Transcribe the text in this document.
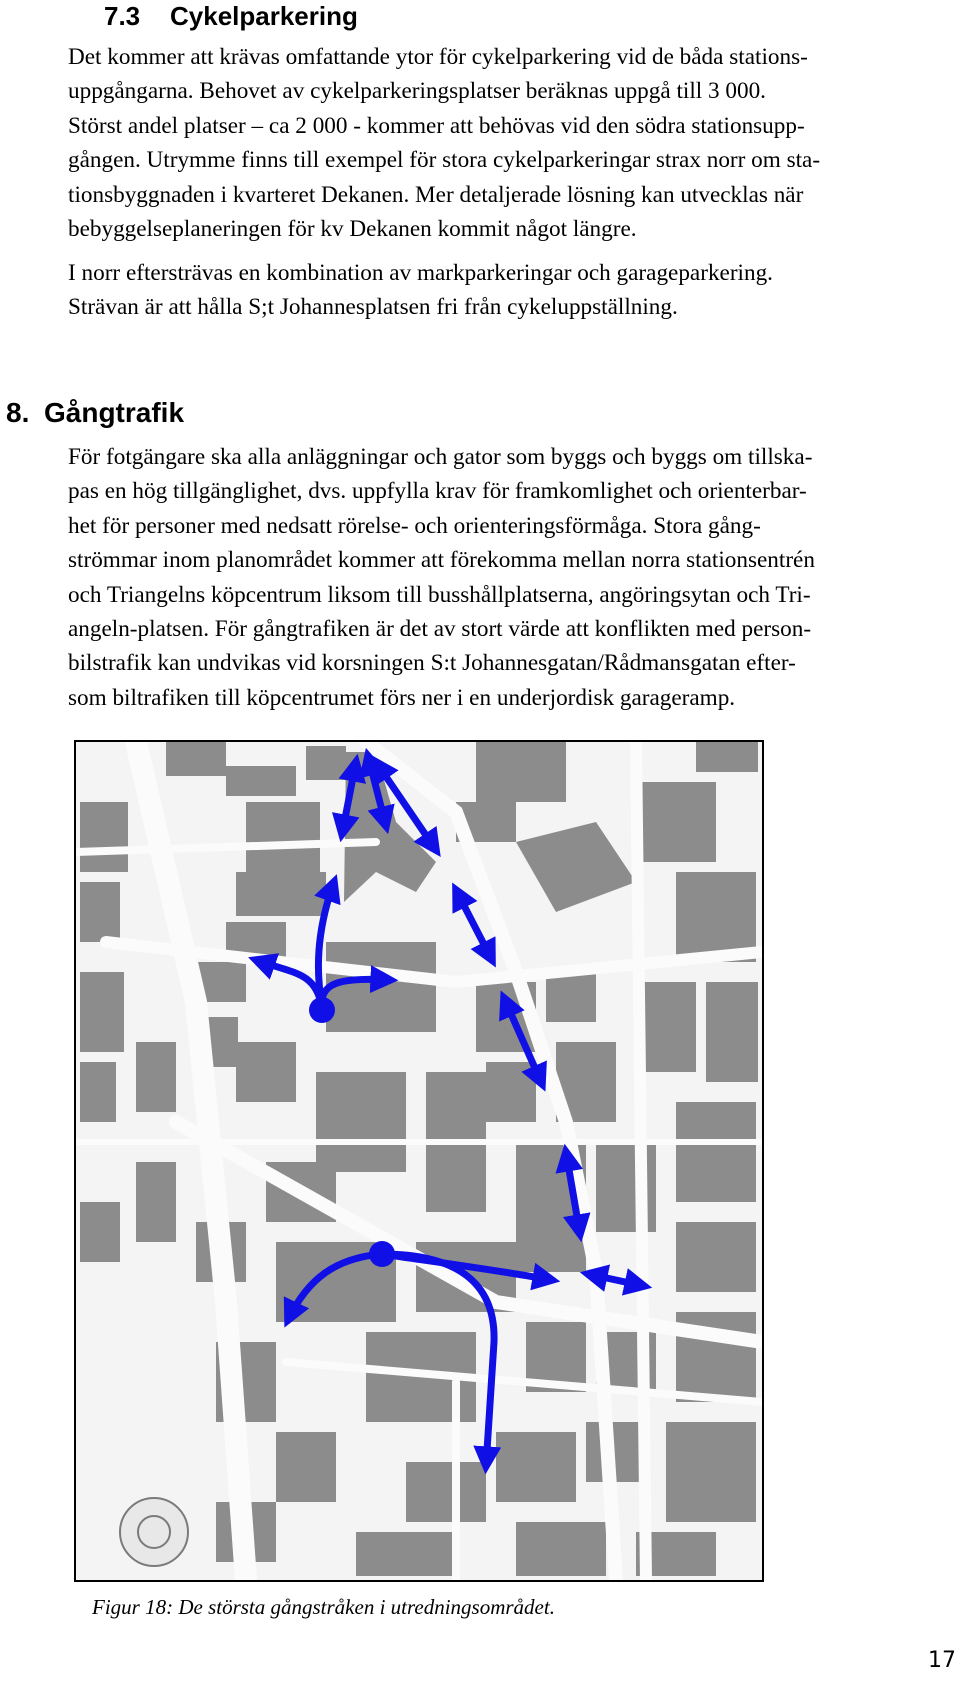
7.3 Cykelparkering

Det kommer att krävas omfattande ytor för cykelparkering vid de båda stations-
uppgångarna. Behovet av cykelparkeringsplatser beräknas uppgå till 3 000.
Störst andel platser – ca 2 000 - kommer att behövas vid den södra stationsupp-
gången. Utrymme finns till exempel för stora cykelparkeringar strax norr om sta-
tionsbyggnaden i kvarteret Dekanen. Mer detaljerade lösning kan utvecklas när
bebyggelseplaneringen för kv Dekanen kommit något längre.

I norr eftersträvas en kombination av markparkeringar och garageparkering.
Strävan är att hålla S;t Johannesplatsen fri från cykeluppställning.

8. Gångtrafik

För fotgängare ska alla anläggningar och gator som byggs och byggs om tillska-
pas en hög tillgänglighet, dvs. uppfylla krav för framkomlighet och orienterbar-
het för personer med nedsatt rörelse- och orienteringsförmåga. Stora gång-
strömmar inom planområdet kommer att förekomma mellan norra stationsentrén
och Triangelns köpcentrum liksom till busshållplatserna, angöringsytan och Tri-
angeln-platsen. För gångtrafiken är det av stort värde att konflikten med person-
bilstrafik kan undvikas vid korsningen S:t Johannesgatan/Rådmansgatan efter-
som biltrafiken till köpcentrumet förs ner i en underjordisk garageramp.

Figur 18: De största gångstråken i utredningsområdet.
17
